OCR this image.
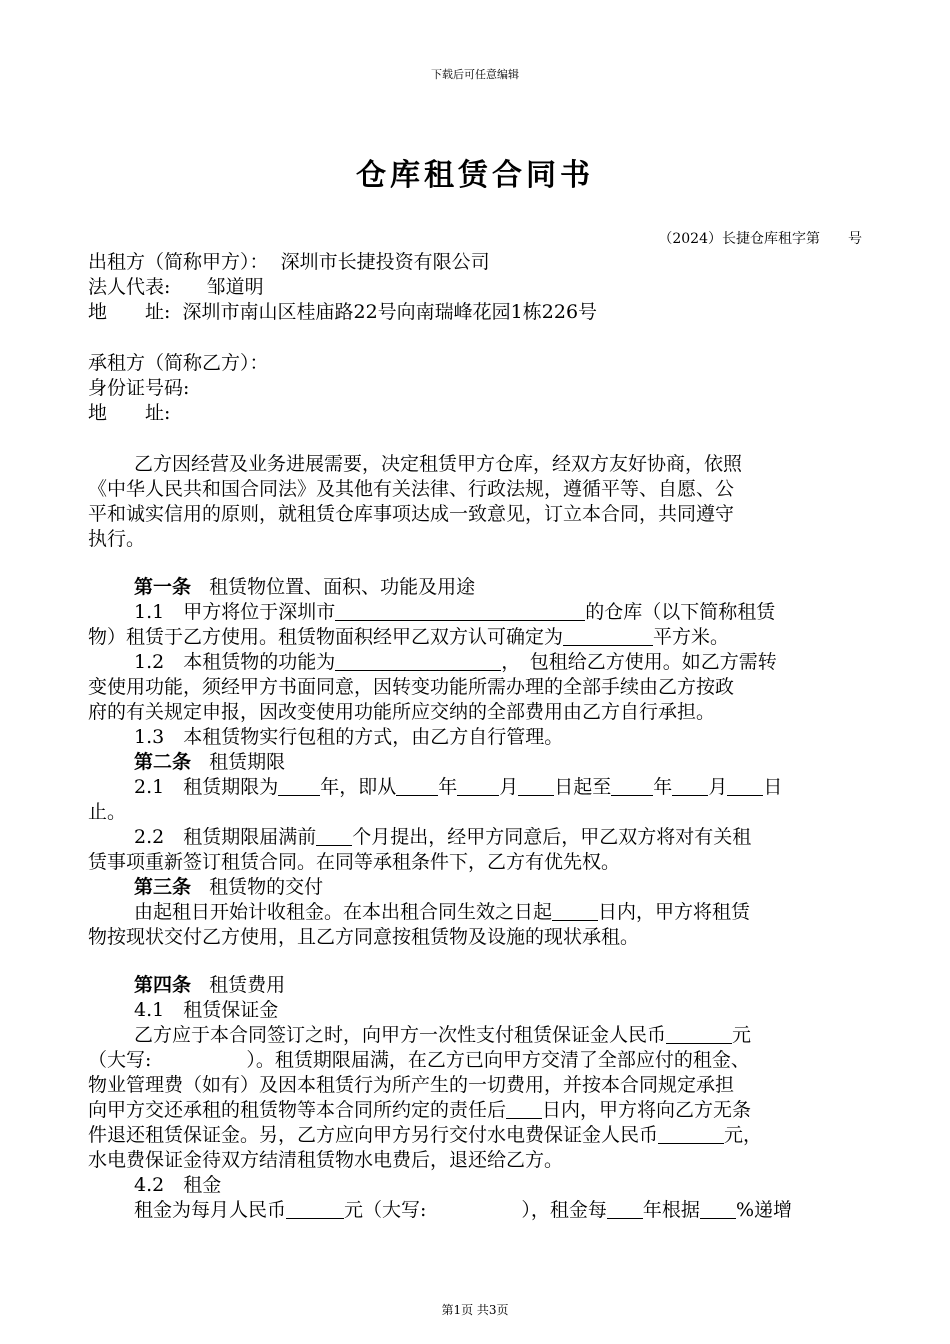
下载后可任意编辑
仓库租赁合同书
（2024）长捷仓库租字第　　号
出租方（简称甲方）： 深圳市长捷投资有限公司
法人代表: 邹道明
地　　址: 深圳市南山区桂庙路22号向南瑞峰花园1栋226号
承租方（简称乙方）：
身份证号码:
地　　址:
乙方因经营及业务进展需要，决定租赁甲方仓库，经双方友好协商，依照
《中华人民共和国合同法》及其他有关法律、行政法规，遵循平等、自愿、公
平和诚实信用的原则，就租赁仓库事项达成一致意见，订立本合同，共同遵守
执行。
第一条 租赁物位置、面积、功能及用途
1.1　甲方将位于深圳市	的仓库（以下简称租赁
物）租赁于乙方使用。租赁物面积经甲乙双方认可确定为	平方米。
1.2　本租赁物的功能为	，　包租给乙方使用。如乙方需转
变使用功能，须经甲方书面同意，因转变功能所需办理的全部手续由乙方按政
府的有关规定申报，因改变使用功能所应交纳的全部费用由乙方自行承担。
1.3　本租赁物实行包租的方式，由乙方自行管理。
第二条 租赁期限
2.1　租赁期限为 年，即从 年 月 日起至 年 月 日
止。
2.2　租赁期限届满前 个月提出，经甲方同意后，甲乙双方将对有关租
赁事项重新签订租赁合同。在同等承租条件下，乙方有优先权。
第三条 租赁物的交付
由起租日开始计收租金。在本出租合同生效之日起 日内，甲方将租赁
物按现状交付乙方使用，且乙方同意按租赁物及设施的现状承租。
第四条 租赁费用
4.1　租赁保证金
乙方应于本合同签订之时，向甲方一次性支付租赁保证金人民币	元
（大写:　　　　　）。租赁期限届满，在乙方已向甲方交清了全部应付的租金、
物业管理费（如有）及因本租赁行为所产生的一切费用，并按本合同规定承担
向甲方交还承租的租赁物等本合同所约定的责任后 日内，甲方将向乙方无条
件退还租赁保证金。另，乙方应向甲方另行交付水电费保证金人民币	元，
水电费保证金待双方结清租赁物水电费后，退还给乙方。
4.2　租金
租金为每月人民币	元（大写:　　　　　），租金每 年根据 %递增
第1页 共3页
